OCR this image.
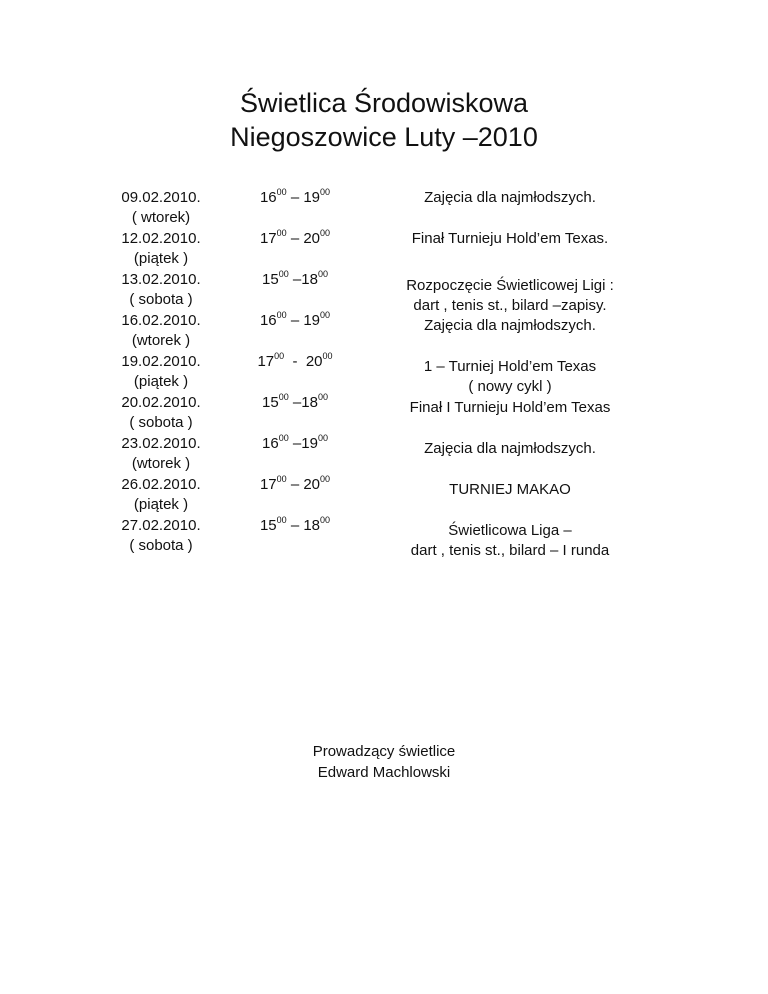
Świetlica Środowiskowa
Niegoszowice Luty –2010
09.02.2010.
( wtorek)
$16^{00} - 19^{00}$	Zajęcia dla najmłodszych.
12.02.2010.
(piątek )
$17^{00} - 20^{00}$	Finał Turnieju Hold’em Texas.
13.02.2010.
( sobota )
$15^{00}$ $-18^{00}$
Rozpoczęcie Świetlicowej Ligi :
dart , tenis st., bilard –zapisy.
16.02.2010.
(wtorek )
$16^{00} - 19^{00}$
Zajęcia dla najmłodszych.
19.02.2010.
(piątek )
$17^{00} - 20^{00}$
1 – Turniej Hold’em Texas
( nowy cykl )
20.02.2010.
( sobota )
$15^{00}$ $-18^{00}$
Finał I Turnieju Hold’em Texas
23.02.2010.
(wtorek )
$16^{00}$ $-19^{00}$
Zajęcia dla najmłodszych.
26.02.2010.
(piątek )
$17^{00} - 20^{00}$
TURNIEJ MAKAO
27.02.2010.
( sobota )
$15^{00} - 18^{00}$
Świetlicowa Liga –
dart , tenis st., bilard – I runda
Prowadzący świetlice
Edward Machlowski
